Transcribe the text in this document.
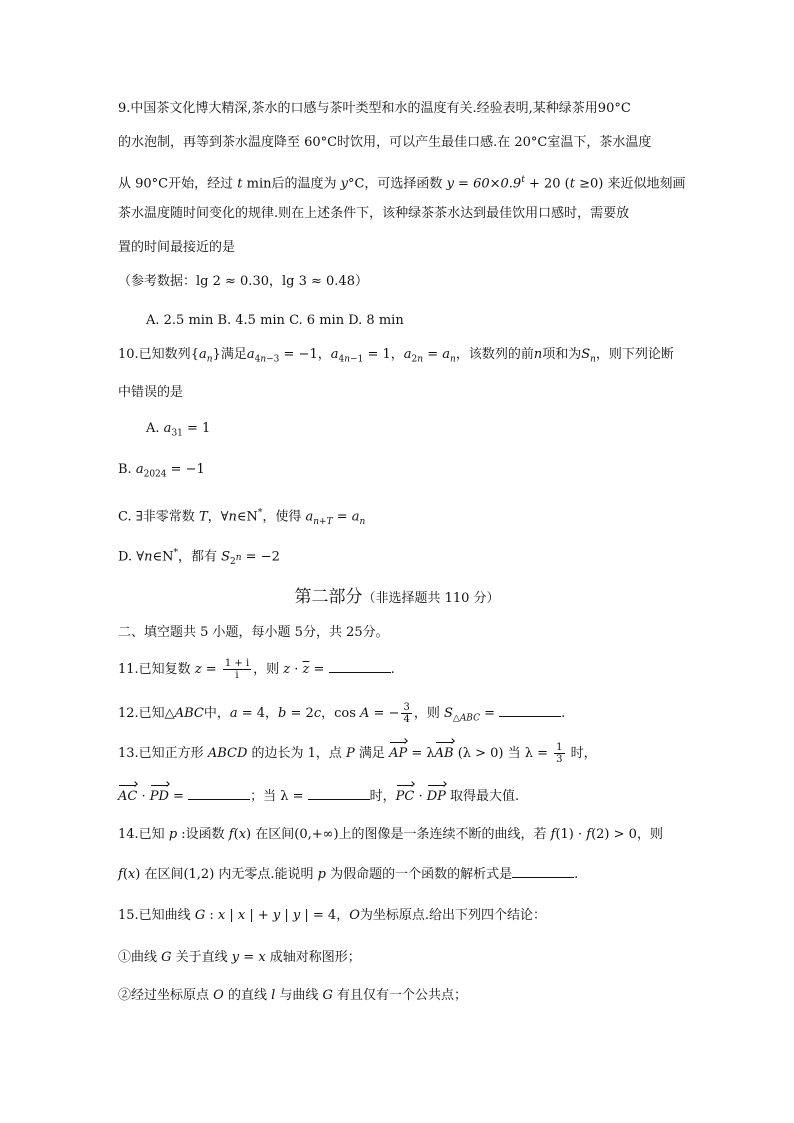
9.中国茶文化博大精深,茶水的口感与茶叶类型和水的温度有关.经验表明,某种绿茶用90°C
的水泡制，再等到茶水温度降至 60°C时饮用，可以产生最佳口感.在 20°C室温下，茶水温度
从 90°C开始，经过 t min后的温度为 y°C，可选择函数 $y = 60\times 0.9^t + 20$ (t ≥0) 来近似地刻画
茶水温度随时间变化的规律.则在上述条件下，该种绿茶茶水达到最佳饮用口感时，需要放
置的时间最接近的是
（参考数据：lg 2 ≈ 0.30，lg 3 ≈ 0.48）
A. 2.5 min B. 4.5 min C. 6 min D. 8 min
10.已知数列$\{a_n\}$满足$a_{4n-3} = -1$，$a_{4n-1} = 1$，$a_{2n} = a_n$，该数列的前n项和为$S_n$，则下列论断
中错误的是
A. $a_{31} = 1$
B. $a_{2024} = -1$
C. ∃非零常数 T，∀n∈N*，使得 $a_{n+T} = a_n$
D. ∀n∈N*，都有 $S_{2^n} = -2$
第二部分（非选择题共 110 分）
二、填空题共 5 小题，每小题 5分，共 25分。
11.已知复数 $z = \frac{1 + i}{i}$ ，则 $z \cdot \overline{z}$ =	.
12.已知△ABC中，a = 4，b = 2c，cos A = − $\frac{3}{4}$ ，则 $S_{\triangle ABC}$ =	.
13.已知正方形 ABCD 的边长为 1，点 P 满足 AP = λAB (λ > 0) 当 $\lambda = \frac{1}{3}$ 时，
AC · PD =	；当 λ =	时，PC · DP 取得最大值.
14.已知 p :设函数 f(x) 在区间(0,+∞)上的图像是一条连续不断的曲线，若 f(1) · f(2) > 0，则
f(x) 在区间(1,2) 内无零点.能说明 p 为假命题的一个函数的解析式是	.
15.已知曲线 G : x | x | + y | y | = 4，O为坐标原点.给出下列四个结论：
①曲线 G 关于直线 y = x 成轴对称图形；
②经过坐标原点 O 的直线 l 与曲线 G 有且仅有一个公共点；
